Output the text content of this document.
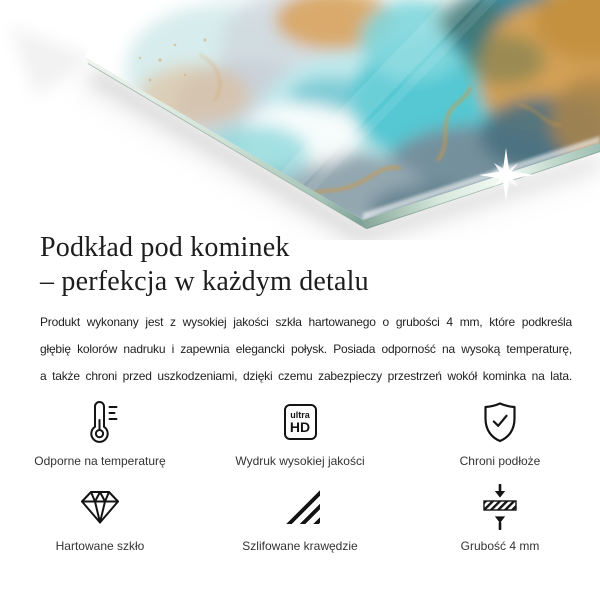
Podkład pod kominek
– perfekcja w każdym detalu
Produkt wykonany jest z wysokiej jakości szkła hartowanego o grubości 4 mm, które podkreśla
głębię kolorów nadruku i zapewnia elegancki połysk. Posiada odporność na wysoką temperaturę,
a także chroni przed uszkodzeniami, dzięki czemu zabezpieczy przestrzeń wokół kominka na lata.
Odporne na temperaturę
ultra
HD
Wydruk wysokiej jakości	Chroni podłoże
Hartowane szkło	Szlifowane krawędzie	Grubość 4 mm
